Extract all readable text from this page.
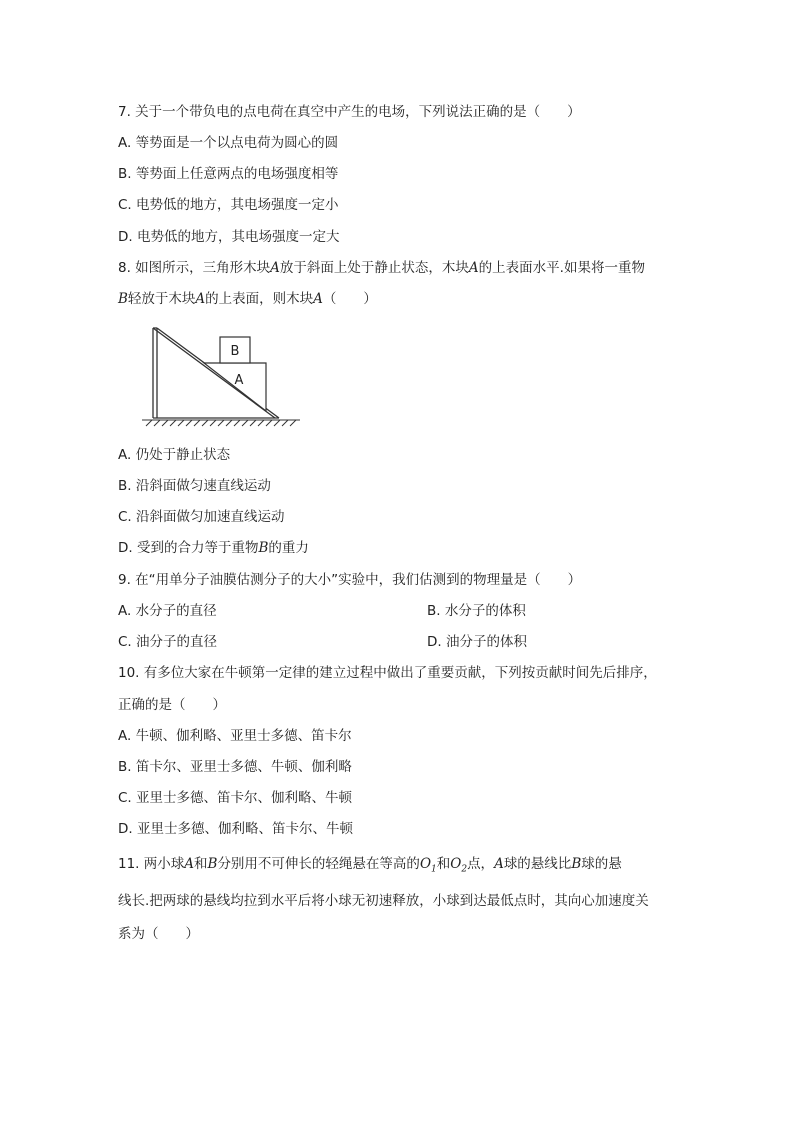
7. 关于一个带负电的点电荷在真空中产生的电场，下列说法正确的是（　　）
A. 等势面是一个以点电荷为圆心的圆
B. 等势面上任意两点的电场强度相等
C. 电势低的地方，其电场强度一定小
D. 电势低的地方，其电场强度一定大
8. 如图所示，三角形木块A放于斜面上处于静止状态，木块A的上表面水平.如果将一重物
B轻放于木块A的上表面，则木块A（　　）
A
B
A. 仍处于静止状态
B. 沿斜面做匀速直线运动
C. 沿斜面做匀加速直线运动
D. 受到的合力等于重物B的重力
9. 在“用单分子油膜估测分子的大小”实验中，我们估测到的物理量是（　　）
A. 水分子的直径	B. 水分子的体积
C. 油分子的直径	D. 油分子的体积
10. 有多位大家在牛顿第一定律的建立过程中做出了重要贡献，下列按贡献时间先后排序，
正确的是（　　）
A. 牛顿、伽利略、亚里士多德、笛卡尔
B. 笛卡尔、亚里士多德、牛顿、伽利略
C. 亚里士多德、笛卡尔、伽利略、牛顿
D. 亚里士多德、伽利略、笛卡尔、牛顿
11. 两小球A和B分别用不可伸长的轻绳悬在等高的$O_1$和$O_2$点，A球的悬线比B球的悬
线长.把两球的悬线均拉到水平后将小球无初速释放，小球到达最低点时，其向心加速度关
系为（　　）
